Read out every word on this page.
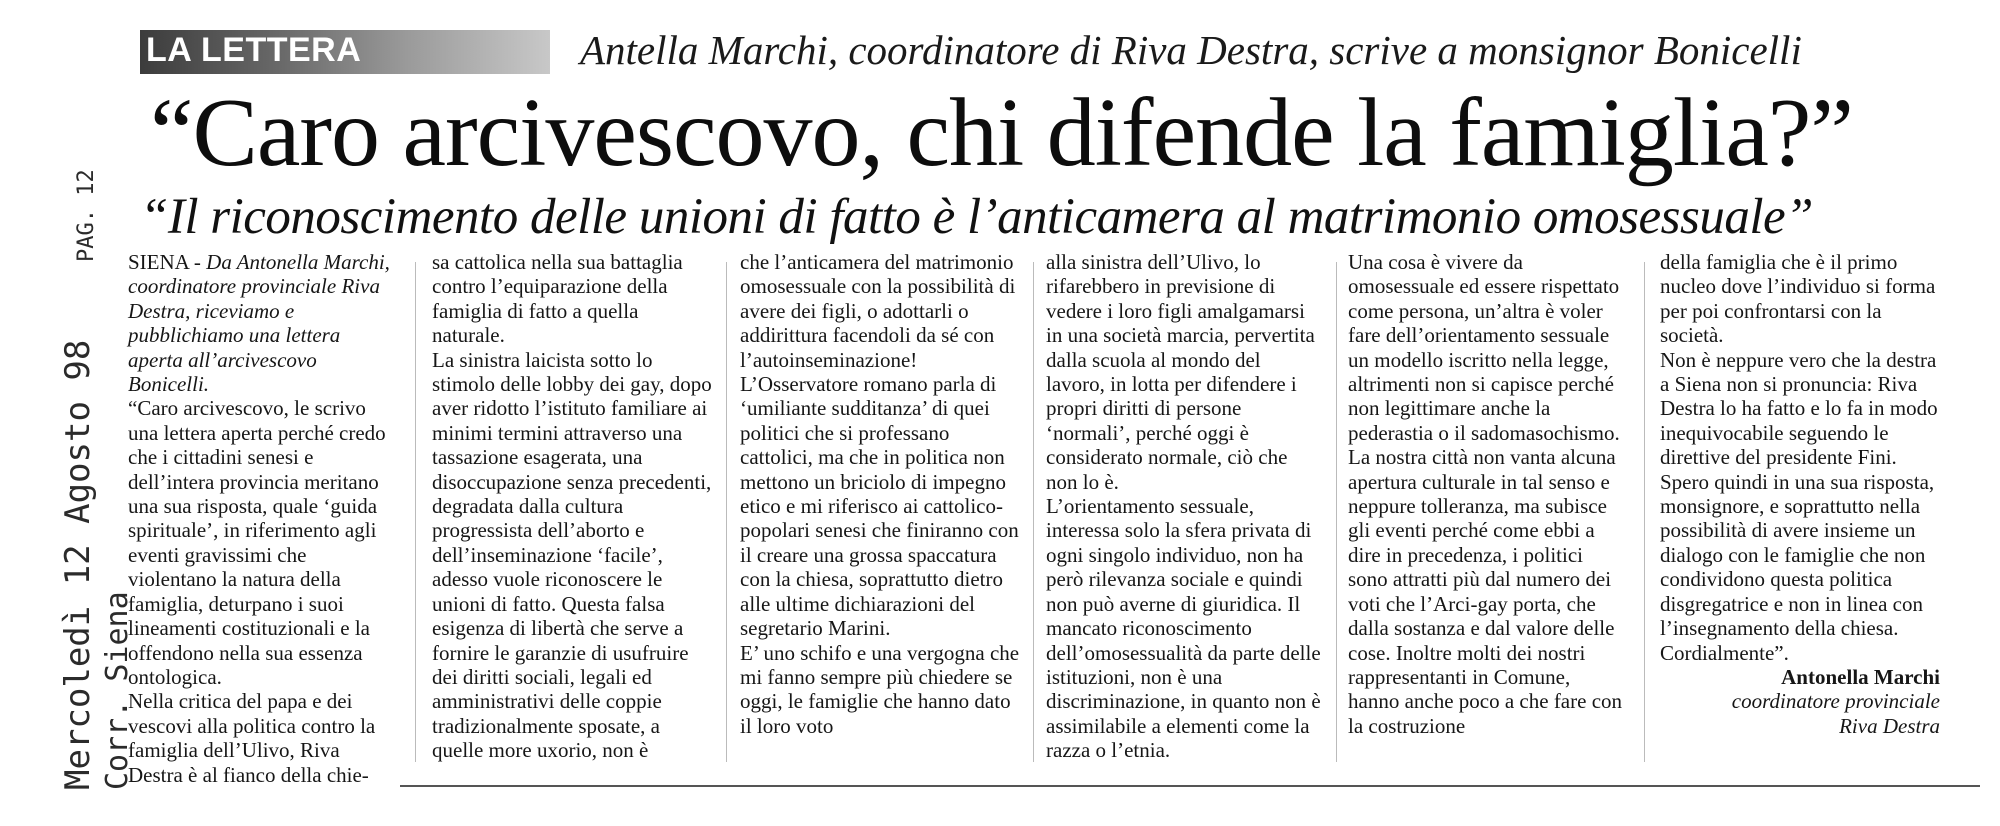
LA LETTERA	Antella Marchi, coordinatore di Riva Destra, scrive a monsignor Bonicelli
“Caro arcivescovo, chi difende la famiglia?”
“Il riconoscimento delle unioni di fatto è l’anticamera al matrimonio omosessuale”
Mercoledì 12 Agosto 98 Corr. Siena
PAG. 12 SIENA - Da Antonella Marchi, coordinatore provinciale Riva Destra, riceviamo e pubblichiamo una lettera aperta all’arcivescovo Bonicelli.

“Caro arcivescovo, le scrivo una lettera aperta perché credo che i cittadini senesi e dell’intera provincia meritano una sua risposta, quale ‘guida spirituale’, in riferimento agli eventi gravissimi che violentano la natura della famiglia, deturpano i suoi lineamenti costituzionali e la offendono nella sua essenza ontologica.

Nella critica del papa e dei vescovi alla politica contro la famiglia dell’Ulivo, Riva Destra è al fianco della chie-

sa cattolica nella sua battaglia contro l’equiparazione della famiglia di fatto a quella naturale.

La sinistra laicista sotto lo stimolo delle lobby dei gay, dopo aver ridotto l’istituto familiare ai minimi termini attraverso una tassazione esagerata, una disoccupazione senza precedenti, degradata dalla cultura progressista dell’aborto e dell’inseminazione ‘facile’, adesso vuole riconoscere le unioni di fatto. Questa falsa esigenza di libertà che serve a fornire le garanzie di usufruire dei diritti sociali, legali ed amministrativi delle coppie tradizionalmente sposate, a quelle more uxorio, non è

che l’anticamera del matrimonio omosessuale con la possibilità di avere dei figli, o adottarli o addirittura facendoli da sé con l’autoinseminazione!

L’Osservatore romano parla di ‘umiliante sudditanza’ di quei politici che si professano cattolici, ma che in politica non mettono un briciolo di impegno etico e mi riferisco ai cattolico-popolari senesi che finiranno con il creare una grossa spaccatura con la chiesa, soprattutto dietro alle ultime dichiarazioni del segretario Marini.

E’ uno schifo e una vergogna che mi fanno sempre più chiedere se oggi, le famiglie che hanno dato il loro voto

alla sinistra dell’Ulivo, lo rifarebbero in previsione di vedere i loro figli amalgamarsi in una società marcia, pervertita dalla scuola al mondo del lavoro, in lotta per difendere i propri diritti di persone ‘normali’, perché oggi è considerato normale, ciò che non lo è.

L’orientamento sessuale, interessa solo la sfera privata di ogni singolo individuo, non ha però rilevanza sociale e quindi non può averne di giuridica. Il mancato riconoscimento dell’omosessualità da parte delle istituzioni, non è una discriminazione, in quanto non è assimilabile a elementi come la razza o l’etnia.

Una cosa è vivere da omosessuale ed essere rispettato come persona, un’altra è voler fare dell’orientamento sessuale un modello iscritto nella legge, altrimenti non si capisce perché non legittimare anche la pederastia o il sadomasochismo.

La nostra città non vanta alcuna apertura culturale in tal senso e neppure tolleranza, ma subisce gli eventi perché come ebbi a dire in precedenza, i politici sono attratti più dal numero dei voti che l’Arci-gay porta, che dalla sostanza e dal valore delle cose. Inoltre molti dei nostri rappresentanti in Comune, hanno anche poco a che fare con la costruzione

della famiglia che è il primo nucleo dove l’individuo si forma per poi confrontarsi con la società.

Non è neppure vero che la destra a Siena non si pronuncia: Riva Destra lo ha fatto e lo fa in modo inequivocabile seguendo le direttive del presidente Fini. Spero quindi in una sua risposta, monsignore, e soprattutto nella possibilità di avere insieme un dialogo con le famiglie che non condividono questa politica disgregatrice e non in linea con l’insegnamento della chiesa.

Cordialmente”.

Antonella Marchi

coordinatore provinciale

Riva Destra
